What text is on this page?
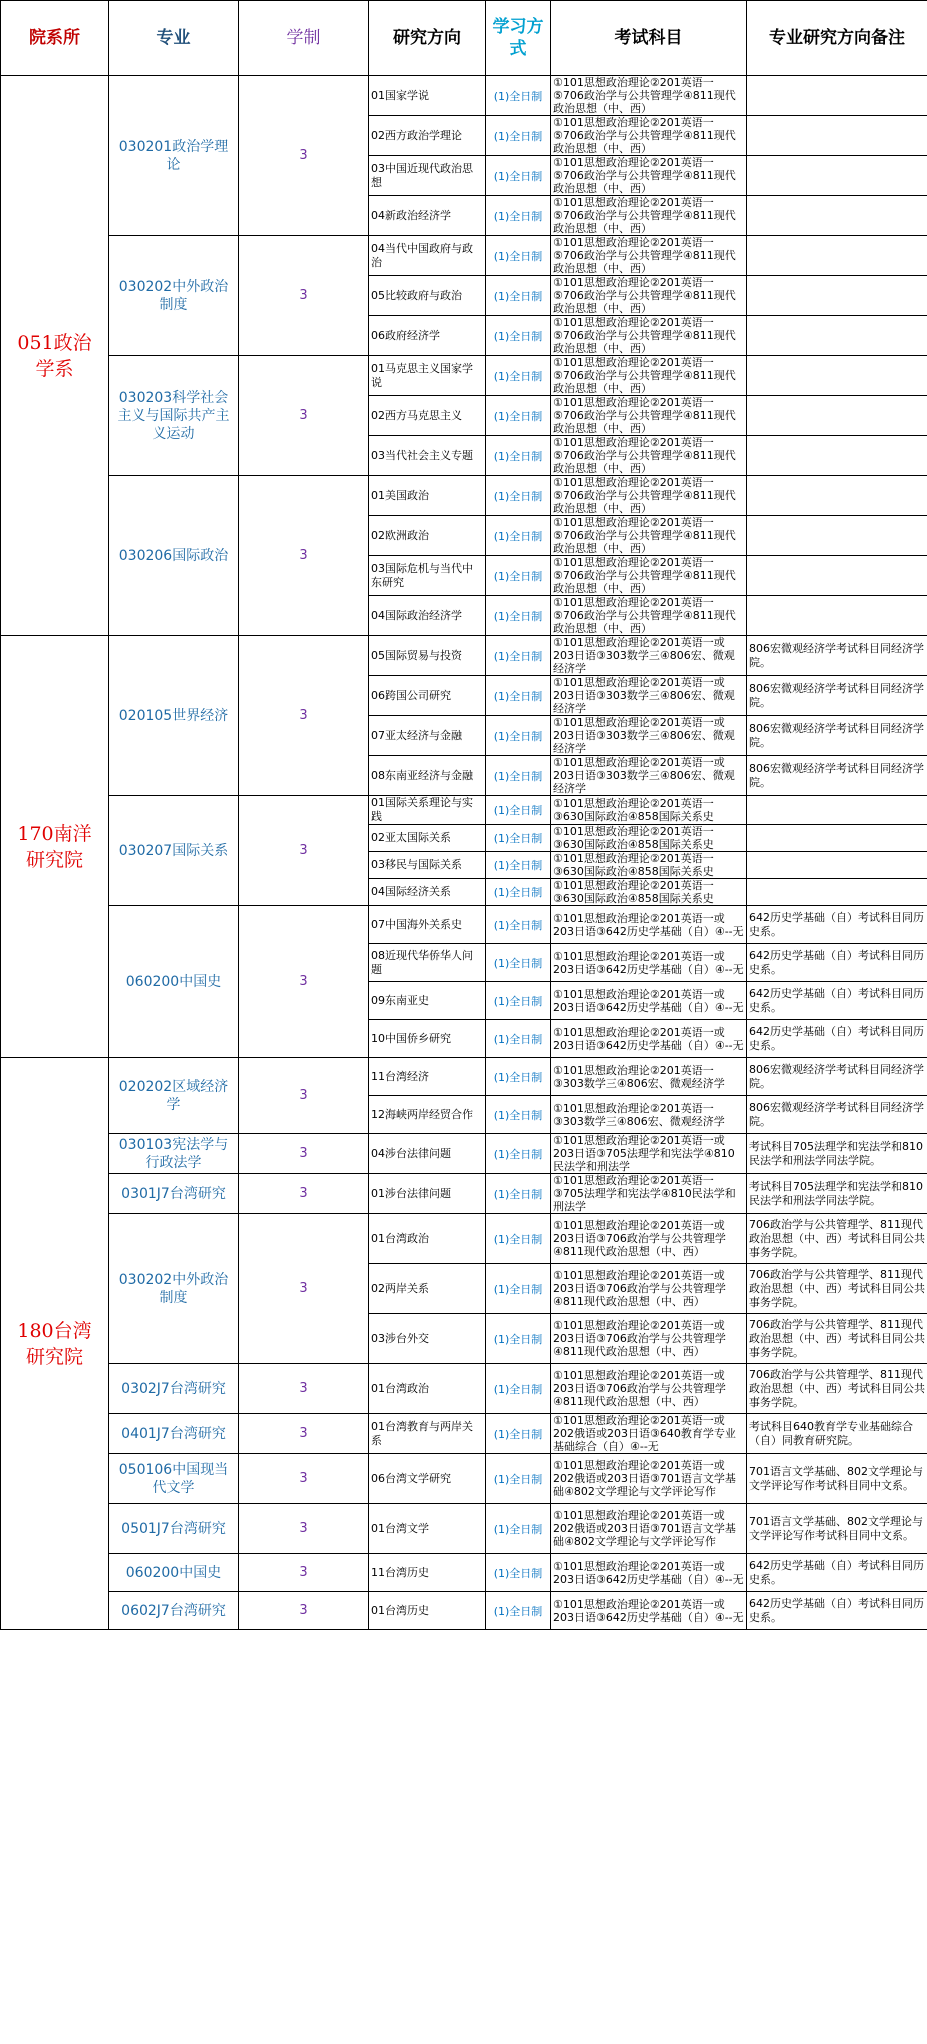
院系所	专业	学制	研究方向	学习方式	考试科目	专业研究方向备注
051政治学系	030201政治学理论	3	01国家学说	(1)全日制	①101思想政治理论②201英语一⑤706政治学与公共管理学④811现代政治思想（中、西）	
			02西方政治学理论	(1)全日制	①101思想政治理论②201英语一⑤706政治学与公共管理学④811现代政治思想（中、西）	
			03中国近现代政治思想	(1)全日制	①101思想政治理论②201英语一⑤706政治学与公共管理学④811现代政治思想（中、西）	
			04新政治经济学	(1)全日制	①101思想政治理论②201英语一⑤706政治学与公共管理学④811现代政治思想（中、西）	
	030202中外政治制度	3	04当代中国政府与政治	(1)全日制	①101思想政治理论②201英语一⑤706政治学与公共管理学④811现代政治思想（中、西）	
			05比较政府与政治	(1)全日制	①101思想政治理论②201英语一⑤706政治学与公共管理学④811现代政治思想（中、西）	
			06政府经济学	(1)全日制	①101思想政治理论②201英语一⑤706政治学与公共管理学④811现代政治思想（中、西）	
	030203科学社会主义与国际共产主义运动	3	01马克思主义国家学说	(1)全日制	①101思想政治理论②201英语一⑤706政治学与公共管理学④811现代政治思想（中、西）	
			02西方马克思主义	(1)全日制	①101思想政治理论②201英语一⑤706政治学与公共管理学④811现代政治思想（中、西）	
			03当代社会主义专题	(1)全日制	①101思想政治理论②201英语一⑤706政治学与公共管理学④811现代政治思想（中、西）	
	030206国际政治	3	01美国政治	(1)全日制	①101思想政治理论②201英语一⑤706政治学与公共管理学④811现代政治思想（中、西）	
			02欧洲政治	(1)全日制	①101思想政治理论②201英语一⑤706政治学与公共管理学④811现代政治思想（中、西）	
			03国际危机与当代中东研究	(1)全日制	①101思想政治理论②201英语一⑤706政治学与公共管理学④811现代政治思想（中、西）	
			04国际政治经济学	(1)全日制	①101思想政治理论②201英语一⑤706政治学与公共管理学④811现代政治思想（中、西）	
170南洋研究院	020105世界经济	3	05国际贸易与投资	(1)全日制	①101思想政治理论②201英语一或203日语③303数学三④806宏、微观经济学	806宏微观经济学考试科目同经济学院。
			06跨国公司研究	(1)全日制	①101思想政治理论②201英语一或203日语③303数学三④806宏、微观经济学	806宏微观经济学考试科目同经济学院。
			07亚太经济与金融	(1)全日制	①101思想政治理论②201英语一或203日语③303数学三④806宏、微观经济学	806宏微观经济学考试科目同经济学院。
			08东南亚经济与金融	(1)全日制	①101思想政治理论②201英语一或203日语③303数学三④806宏、微观经济学	806宏微观经济学考试科目同经济学院。
	030207国际关系	3	01国际关系理论与实践	(1)全日制	①101思想政治理论②201英语一③630国际政治④858国际关系史	
			02亚太国际关系	(1)全日制	①101思想政治理论②201英语一③630国际政治④858国际关系史	
			03移民与国际关系	(1)全日制	①101思想政治理论②201英语一③630国际政治④858国际关系史	
			04国际经济关系	(1)全日制	①101思想政治理论②201英语一③630国际政治④858国际关系史	
	060200中国史	3	07中国海外关系史	(1)全日制	①101思想政治理论②201英语一或203日语③642历史学基础（自）④--无	642历史学基础（自）考试科目同历史系。
			08近现代华侨华人问题	(1)全日制	①101思想政治理论②201英语一或203日语③642历史学基础（自）④--无	642历史学基础（自）考试科目同历史系。
			09东南亚史	(1)全日制	①101思想政治理论②201英语一或203日语③642历史学基础（自）④--无	642历史学基础（自）考试科目同历史系。
			10中国侨乡研究	(1)全日制	①101思想政治理论②201英语一或203日语③642历史学基础（自）④--无	642历史学基础（自）考试科目同历史系。
180台湾研究院	020202区域经济学	3	11台湾经济	(1)全日制	①101思想政治理论②201英语一③303数学三④806宏、微观经济学	806宏微观经济学考试科目同经济学院。
			12海峡两岸经贸合作	(1)全日制	①101思想政治理论②201英语一③303数学三④806宏、微观经济学	806宏微观经济学考试科目同经济学院。
	030103宪法学与行政法学	3	04涉台法律问题	(1)全日制	①101思想政治理论②201英语一或203日语③705法理学和宪法学④810民法学和刑法学	考试科目705法理学和宪法学和810民法学和刑法学同法学院。
	0301J7台湾研究	3	01涉台法律问题	(1)全日制	①101思想政治理论②201英语一③705法理学和宪法学④810民法学和刑法学	考试科目705法理学和宪法学和810民法学和刑法学同法学院。
	030202中外政治制度	3	01台湾政治	(1)全日制	①101思想政治理论②201英语一或203日语③706政治学与公共管理学④811现代政治思想（中、西）	706政治学与公共管理学、811现代政治思想（中、西）考试科目同公共事务学院。
			02两岸关系	(1)全日制	①101思想政治理论②201英语一或203日语③706政治学与公共管理学④811现代政治思想（中、西）	706政治学与公共管理学、811现代政治思想（中、西）考试科目同公共事务学院。
			03涉台外交	(1)全日制	①101思想政治理论②201英语一或203日语③706政治学与公共管理学④811现代政治思想（中、西）	706政治学与公共管理学、811现代政治思想（中、西）考试科目同公共事务学院。
	0302J7台湾研究	3	01台湾政治	(1)全日制	①101思想政治理论②201英语一或203日语③706政治学与公共管理学④811现代政治思想（中、西）	706政治学与公共管理学、811现代政治思想（中、西）考试科目同公共事务学院。
	0401J7台湾研究	3	01台湾教育与两岸关系	(1)全日制	①101思想政治理论②201英语一或202俄语或203日语③640教育学专业基础综合（自）④--无	考试科目640教育学专业基础综合（自）同教育研究院。
	050106中国现当代文学	3	06台湾文学研究	(1)全日制	①101思想政治理论②201英语一或202俄语或203日语③701语言文学基础④802文学理论与文学评论写作	701语言文学基础、802文学理论与文学评论写作考试科目同中文系。
	0501J7台湾研究	3	01台湾文学	(1)全日制	①101思想政治理论②201英语一或202俄语或203日语③701语言文学基础④802文学理论与文学评论写作	701语言文学基础、802文学理论与文学评论写作考试科目同中文系。
	060200中国史	3	11台湾历史	(1)全日制	①101思想政治理论②201英语一或203日语③642历史学基础（自）④--无	642历史学基础（自）考试科目同历史系。
	0602J7台湾研究	3	01台湾历史	(1)全日制	①101思想政治理论②201英语一或203日语③642历史学基础（自）④--无	642历史学基础（自）考试科目同历史系。
